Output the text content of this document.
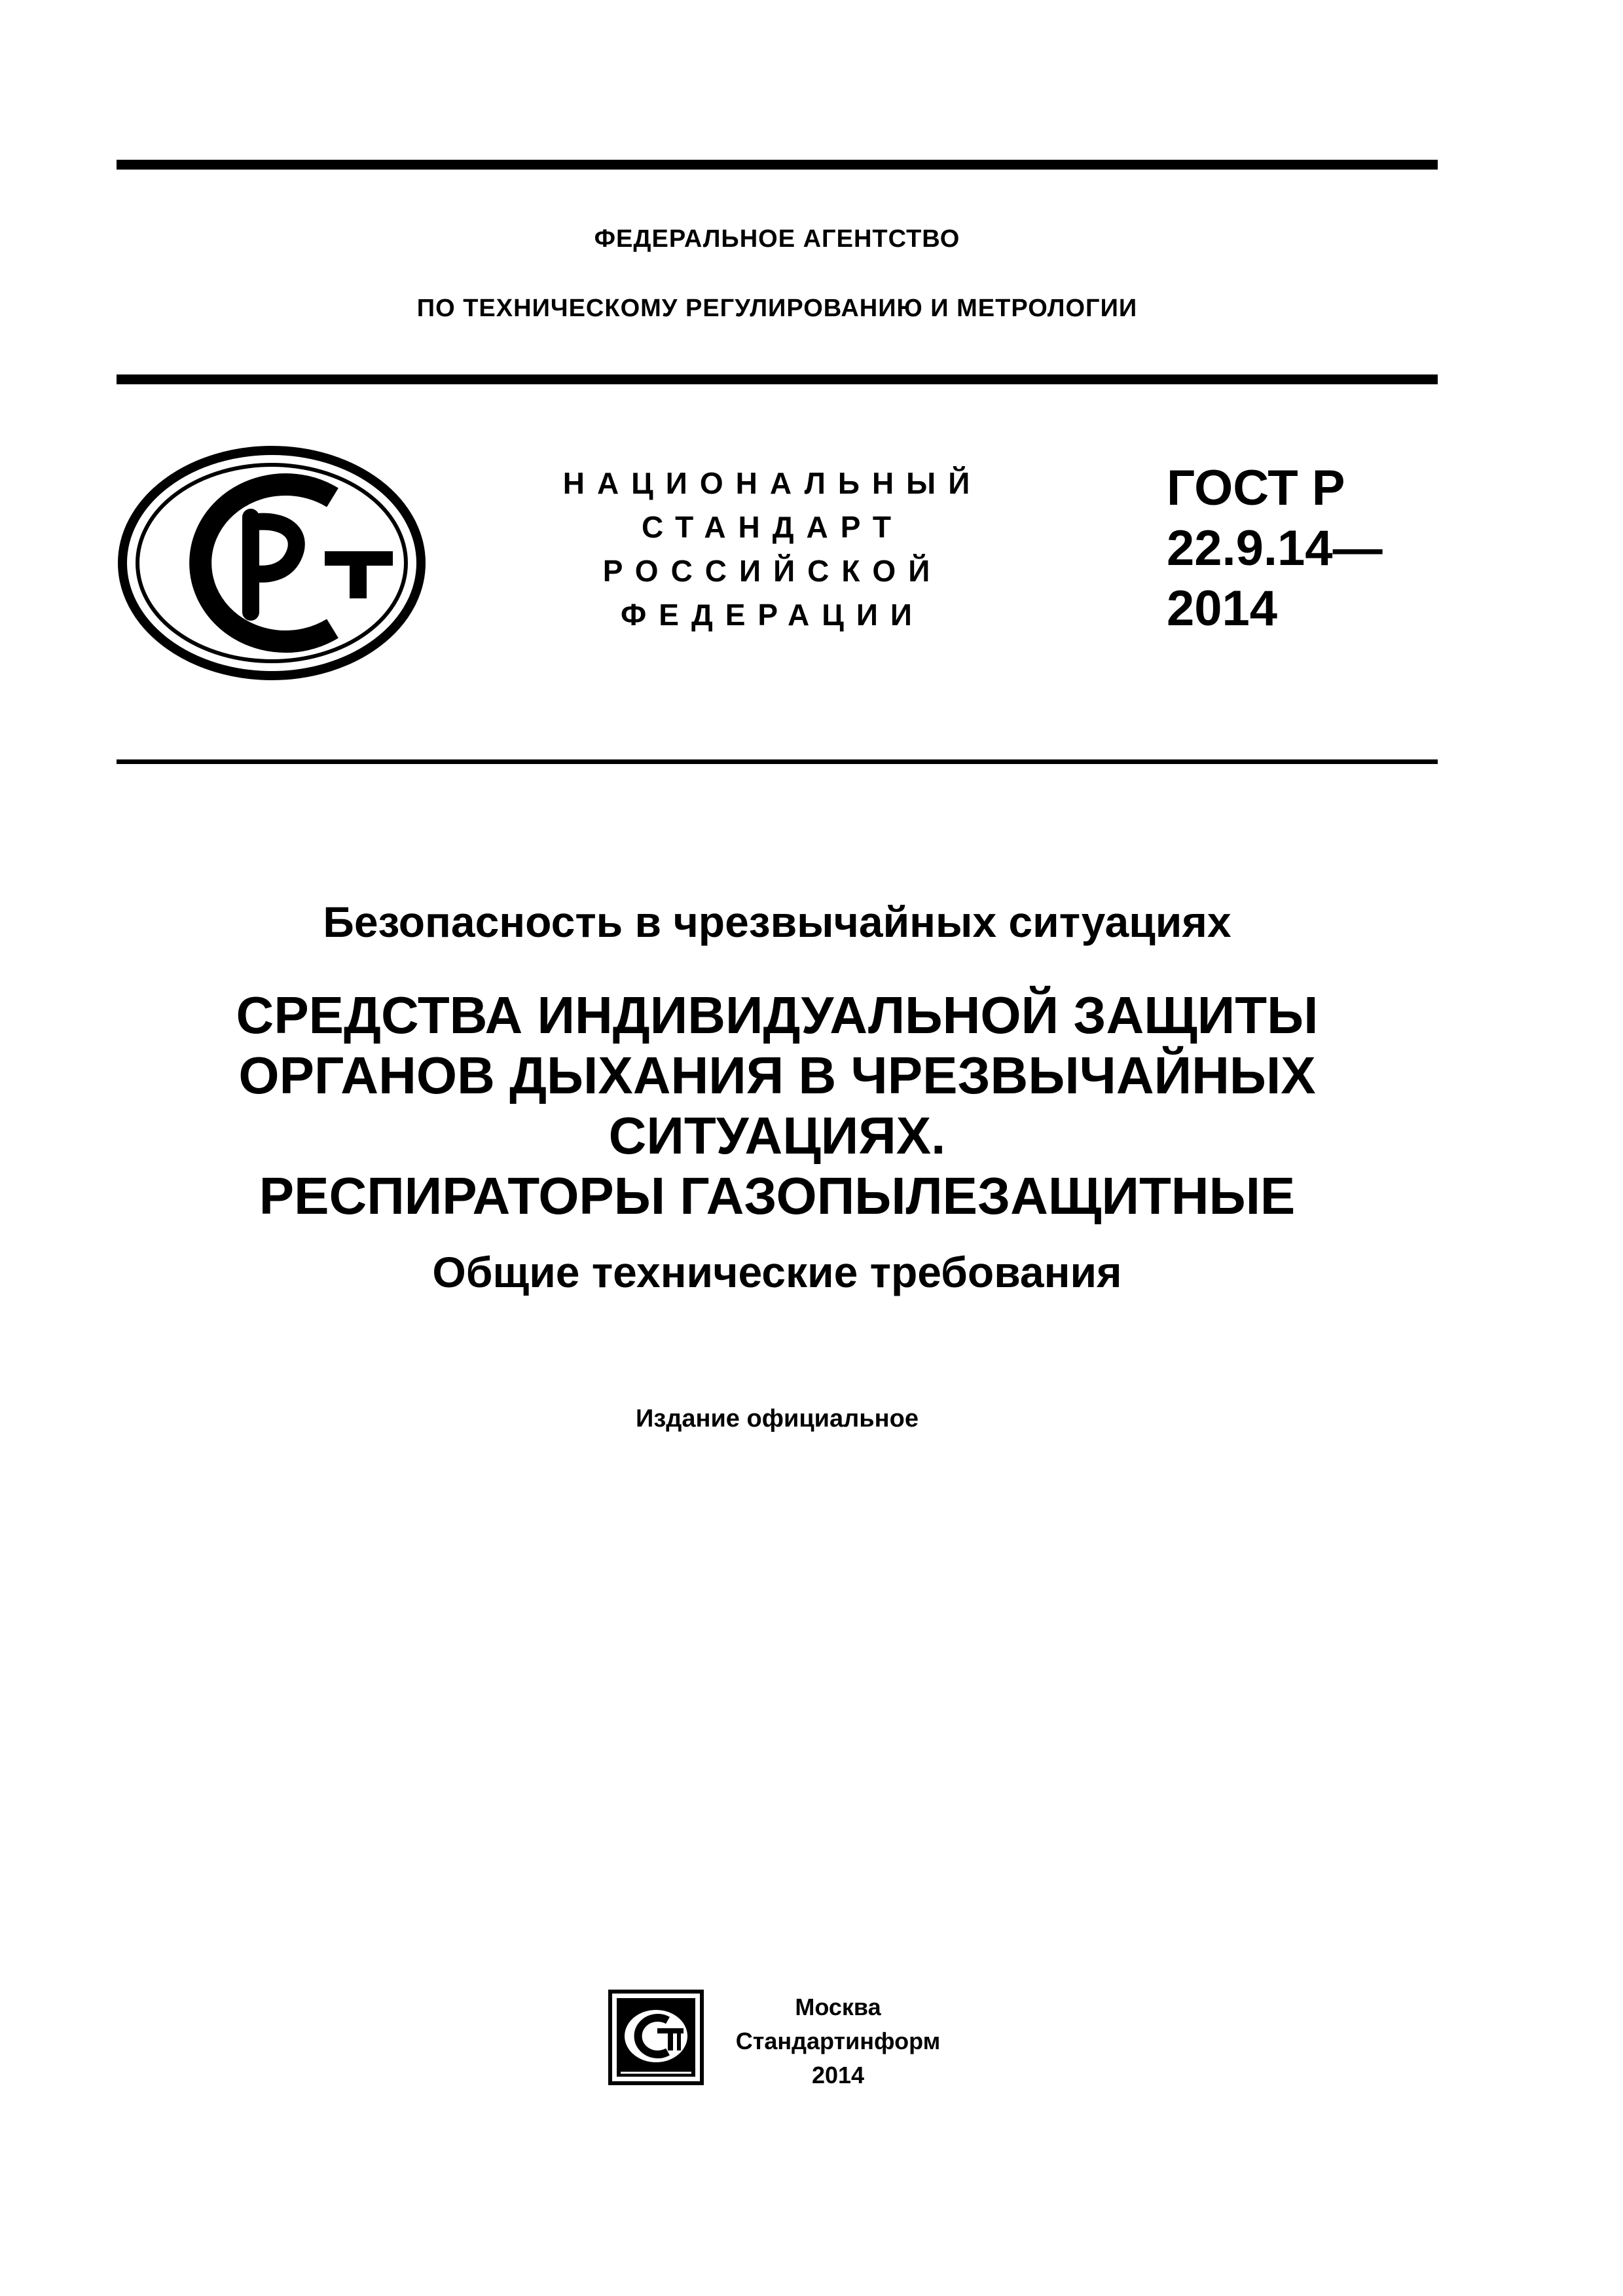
ФЕДЕРАЛЬНОЕ АГЕНТСТВО
ПО ТЕХНИЧЕСКОМУ РЕГУЛИРОВАНИЮ И МЕТРОЛОГИИ
НАЦИОНАЛЬНЫЙ
СТАНДАРТ
РОССИЙСКОЙ
ФЕДЕРАЦИИ
ГОСТ Р
22.9.14—
2014
Безопасность в чрезвычайных ситуациях
СРЕДСТВА ИНДИВИДУАЛЬНОЙ ЗАЩИТЫ
ОРГАНОВ ДЫХАНИЯ В ЧРЕЗВЫЧАЙНЫХ
СИТУАЦИЯХ.
РЕСПИРАТОРЫ ГАЗОПЫЛЕЗАЩИТНЫЕ
Общие технические требования
Издание официальное
Москва
Стандартинформ
2014
